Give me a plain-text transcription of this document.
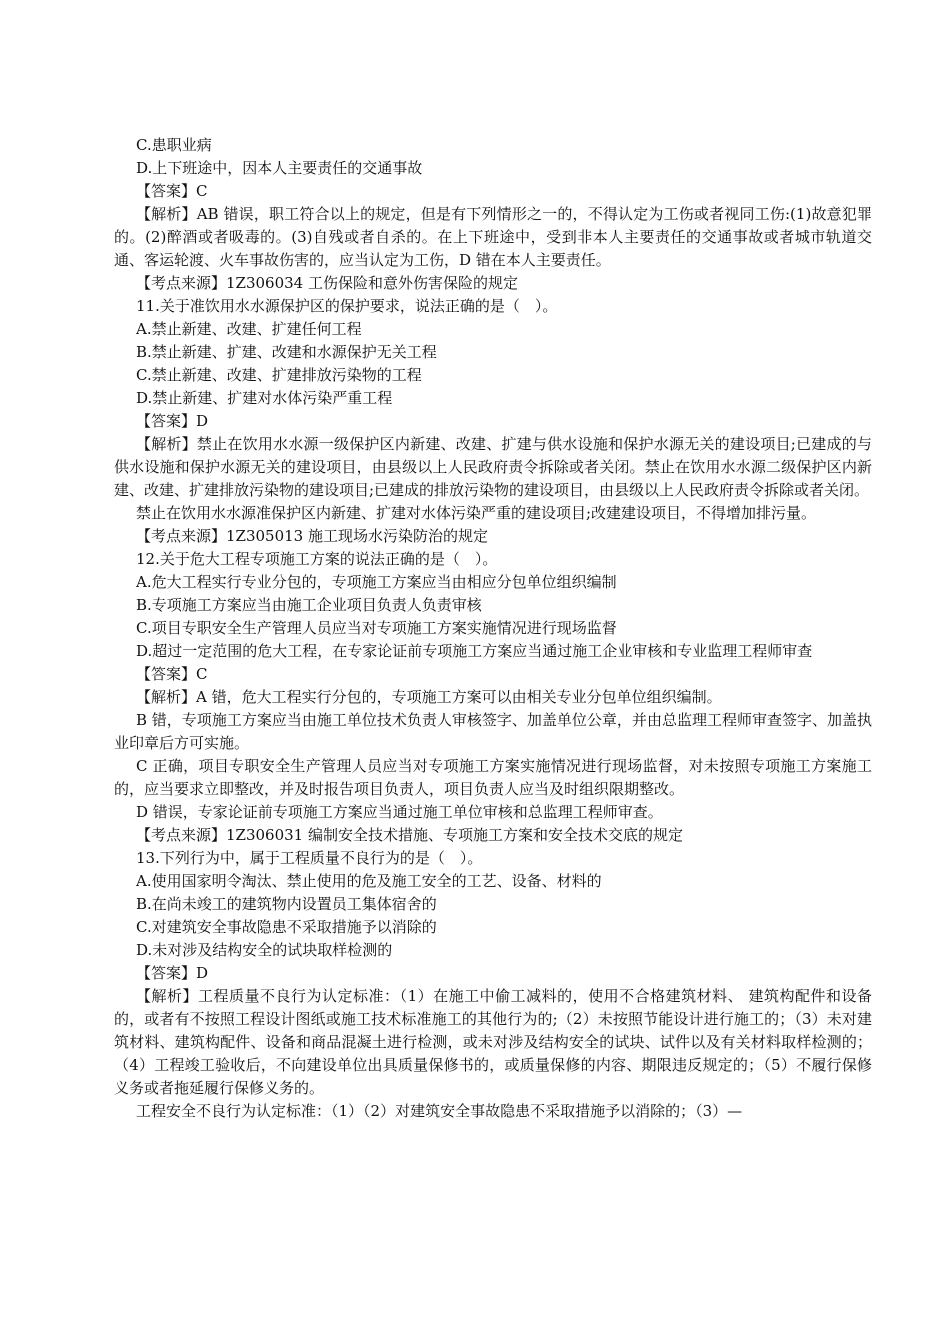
C.患职业病

D.上下班途中，因本人主要责任的交通事故

【答案】C

【解析】AB 错误，职工符合以上的规定，但是有下列情形之一的，不得认定为工伤或者视同工伤:(1)故意犯罪的。(2)醉酒或者吸毒的。(3)自残或者自杀的。在上下班途中，受到非本人主要责任的交通事故或者城市轨道交通、客运轮渡、火车事故伤害的，应当认定为工伤，D 错在本人主要责任。

【考点来源】1Z306034 工伤保险和意外伤害保险的规定

11.关于准饮用水水源保护区的保护要求，说法正确的是（　）。

A.禁止新建、改建、扩建任何工程

B.禁止新建、扩建、改建和水源保护无关工程

C.禁止新建、改建、扩建排放污染物的工程

D.禁止新建、扩建对水体污染严重工程

【答案】D

【解析】禁止在饮用水水源一级保护区内新建、改建、扩建与供水设施和保护水源无关的建设项目;已建成的与供水设施和保护水源无关的建设项目，由县级以上人民政府责令拆除或者关闭。禁止在饮用水水源二级保护区内新建、改建、扩建排放污染物的建设项目;已建成的排放污染物的建设项目，由县级以上人民政府责令拆除或者关闭。

禁止在饮用水水源准保护区内新建、扩建对水体污染严重的建设项目;改建建设项目，不得增加排污量。

【考点来源】1Z305013 施工现场水污染防治的规定

12.关于危大工程专项施工方案的说法正确的是（　）。

A.危大工程实行专业分包的，专项施工方案应当由相应分包单位组织编制

B.专项施工方案应当由施工企业项目负责人负责审核

C.项目专职安全生产管理人员应当对专项施工方案实施情况进行现场监督

D.超过一定范围的危大工程，在专家论证前专项施工方案应当通过施工企业审核和专业监理工程师审查

【答案】C

【解析】A 错，危大工程实行分包的，专项施工方案可以由相关专业分包单位组织编制。

B 错，专项施工方案应当由施工单位技术负责人审核签字、加盖单位公章，并由总监理工程师审查签字、加盖执业印章后方可实施。

C 正确，项目专职安全生产管理人员应当对专项施工方案实施情况进行现场监督，对未按照专项施工方案施工的，应当要求立即整改，并及时报告项目负责人，项目负责人应当及时组织限期整改。

D 错误，专家论证前专项施工方案应当通过施工单位审核和总监理工程师审查。

【考点来源】1Z306031 编制安全技术措施、专项施工方案和安全技术交底的规定

13.下列行为中，属于工程质量不良行为的是（　）。

A.使用国家明令淘汰、禁止使用的危及施工安全的工艺、设备、材料的

B.在尚未竣工的建筑物内设置员工集体宿舍的

C.对建筑安全事故隐患不采取措施予以消除的

D.未对涉及结构安全的试块取样检测的

【答案】D

【解析】工程质量不良行为认定标准：（1）在施工中偷工减料的，使用不合格建筑材料、 建筑构配件和设备的，或者有不按照工程设计图纸或施工技术标准施工的其他行为的;（2）未按照节能设计进行施工的；（3）未对建筑材料、建筑构配件、设备和商品混凝土进行检测，或未对涉及结构安全的试块、试件以及有关材料取样检测的；（4）工程竣工验收后，不向建设单位出具质量保修书的，或质量保修的内容、期限违反规定的；（5）不履行保修义务或者拖延履行保修义务的。

工程安全不良行为认定标准：（1）（2）对建筑安全事故隐患不采取措施予以消除的；（3）—
